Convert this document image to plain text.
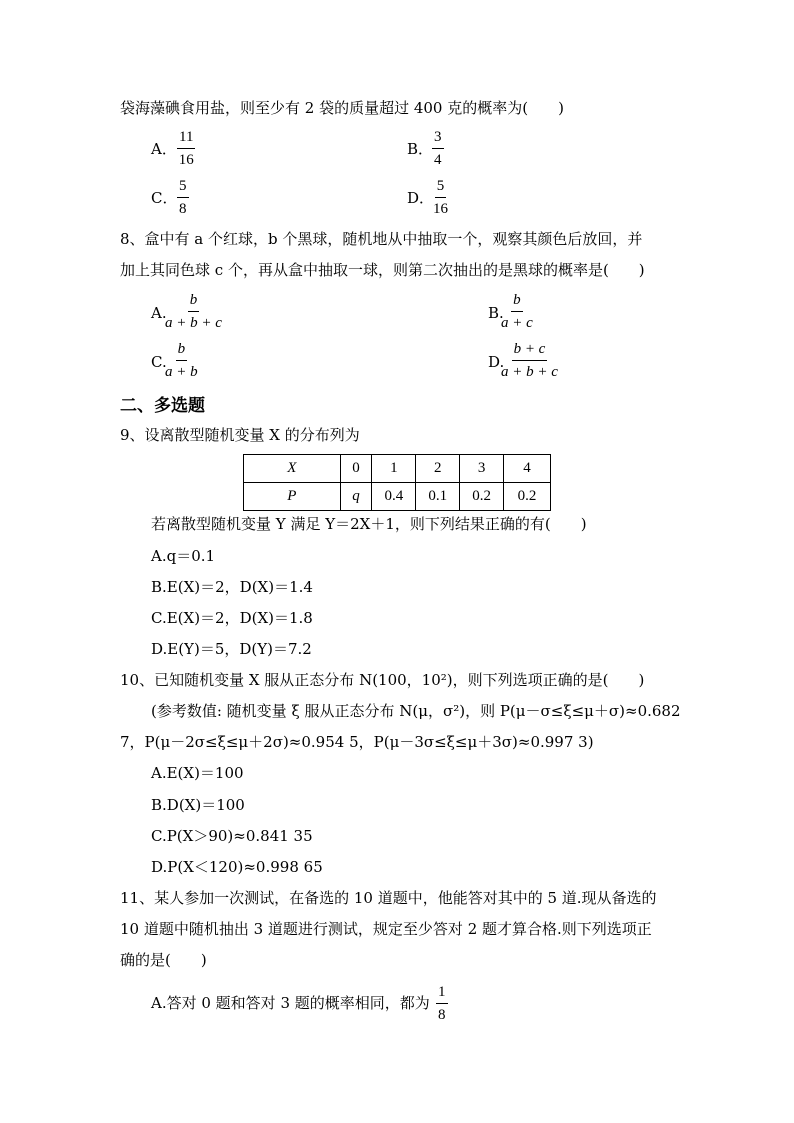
袋海藻碘食用盐，则至少有 2 袋的质量超过 400 克的概率为(　　)
A． $\frac{11}{16}$	B．
$\frac{3}{4}$
C． $\frac{5}{8}$	D．
$\frac{5}{16}$
8、盒中有 a 个红球，b 个黑球，随机地从中抽取一个，观察其颜色后放回，并
加上其同色球 c 个，再从盒中抽取一球，则第二次抽出的是黑球的概率是(　　)
A.
$\frac{b}{a + b + c}$	B.
$\frac{b}{a + c}$
C.
$\frac{b}{a + b}$	D.
$\frac{b + c}{a + b + c}$
二、多选题
9、设离散型随机变量 X 的分布列为
X	0	1	2	3	4
P	q	0.4	0.1	0.2	0.2
若离散型随机变量 Y 满足 Y＝2X＋1，则下列结果正确的有(　　)
A.q＝0.1
B.E(X)＝2，D(X)＝1.4
C.E(X)＝2，D(X)＝1.8
D.E(Y)＝5，D(Y)＝7.2
10、已知随机变量 X 服从正态分布 N(100，10²)，则下列选项正确的是(　　)
(参考数值: 随机变量 ξ 服从正态分布 N(μ，σ²)，则 P(μ－σ≤ξ≤μ＋σ)≈0.682
7，P(μ－2σ≤ξ≤μ＋2σ)≈0.954 5，P(μ－3σ≤ξ≤μ＋3σ)≈0.997 3)
A.E(X)＝100
B.D(X)＝100
C.P(X＞90)≈0.841 35
D.P(X＜120)≈0.998 65
11、某人参加一次测试，在备选的 10 道题中，他能答对其中的 5 道.现从备选的
10 道题中随机抽出 3 道题进行测试，规定至少答对 2 题才算合格.则下列选项正
确的是(　　)
A.答对 0 题和答对 3 题的概率相同，都为 $\frac{1}{8}$
